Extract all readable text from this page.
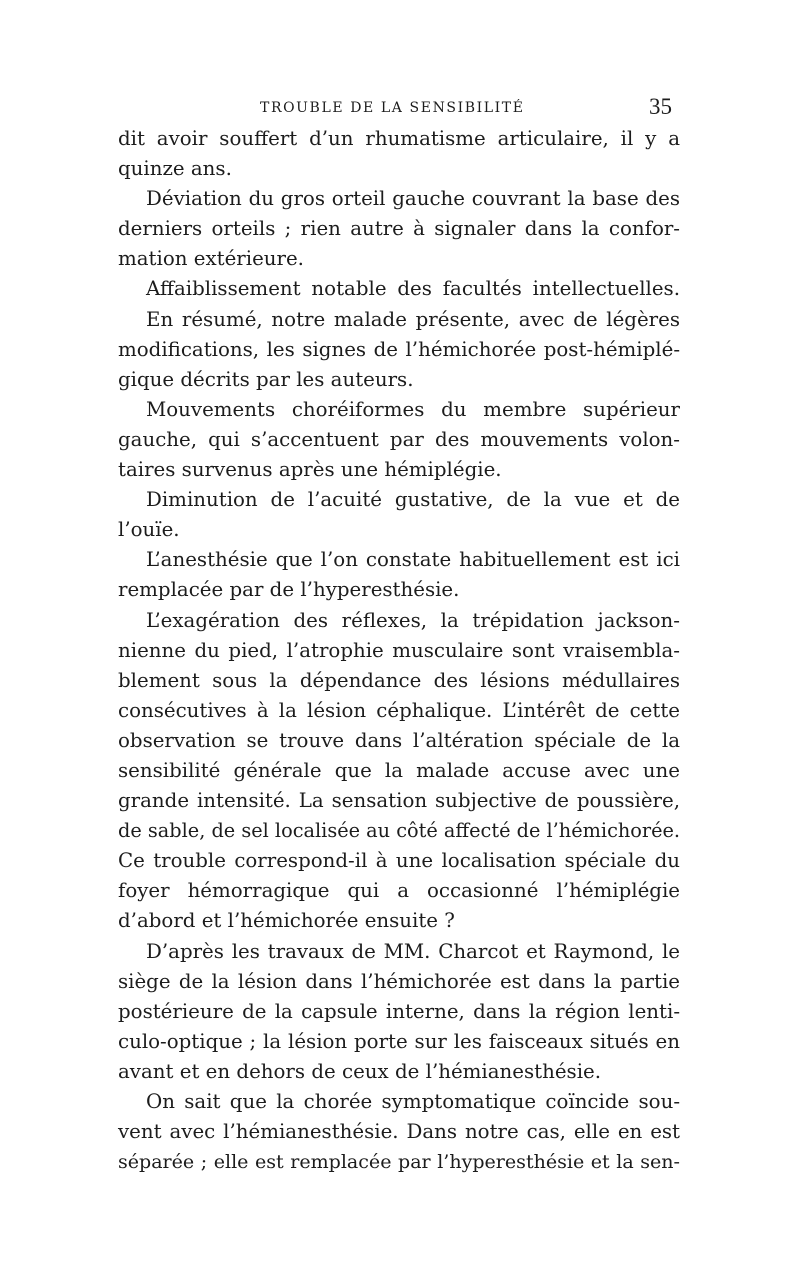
TROUBLE DE LA SENSIBILITÉ	35
dit avoir souffert d’un rhumatisme articulaire, il y a
quinze ans.
Déviation du gros orteil gauche couvrant la base des
derniers orteils ; rien autre à signaler dans la confor-
mation extérieure.
Affaiblissement notable des facultés intellectuelles.
En résumé, notre malade présente, avec de légères
modifications, les signes de l’hémichorée post-hémiplé-
gique décrits par les auteurs.
Mouvements choréiformes du membre supérieur
gauche, qui s’accentuent par des mouvements volon-
taires survenus après une hémiplégie.
Diminution de l’acuité gustative, de la vue et de
l’ouïe.
L’anesthésie que l’on constate habituellement est ici
remplacée par de l’hyperesthésie.
L’exagération des réflexes, la trépidation jackson-
nienne du pied, l’atrophie musculaire sont vraisembla-
blement sous la dépendance des lésions médullaires
consécutives à la lésion céphalique. L’intérêt de cette
observation se trouve dans l’altération spéciale de la
sensibilité générale que la malade accuse avec une
grande intensité. La sensation subjective de poussière,
de sable, de sel localisée au côté affecté de l’hémichorée.
Ce trouble correspond-il à une localisation spéciale du
foyer hémorragique qui a occasionné l’hémiplégie
d’abord et l’hémichorée ensuite ?
D’après les travaux de MM. Charcot et Raymond, le
siège de la lésion dans l’hémichorée est dans la partie
postérieure de la capsule interne, dans la région lenti-
culo-optique ; la lésion porte sur les faisceaux situés en
avant et en dehors de ceux de l’hémianesthésie.
On sait que la chorée symptomatique coïncide sou-
vent avec l’hémianesthésie. Dans notre cas, elle en est
séparée ; elle est remplacée par l’hyperesthésie et la sen-
